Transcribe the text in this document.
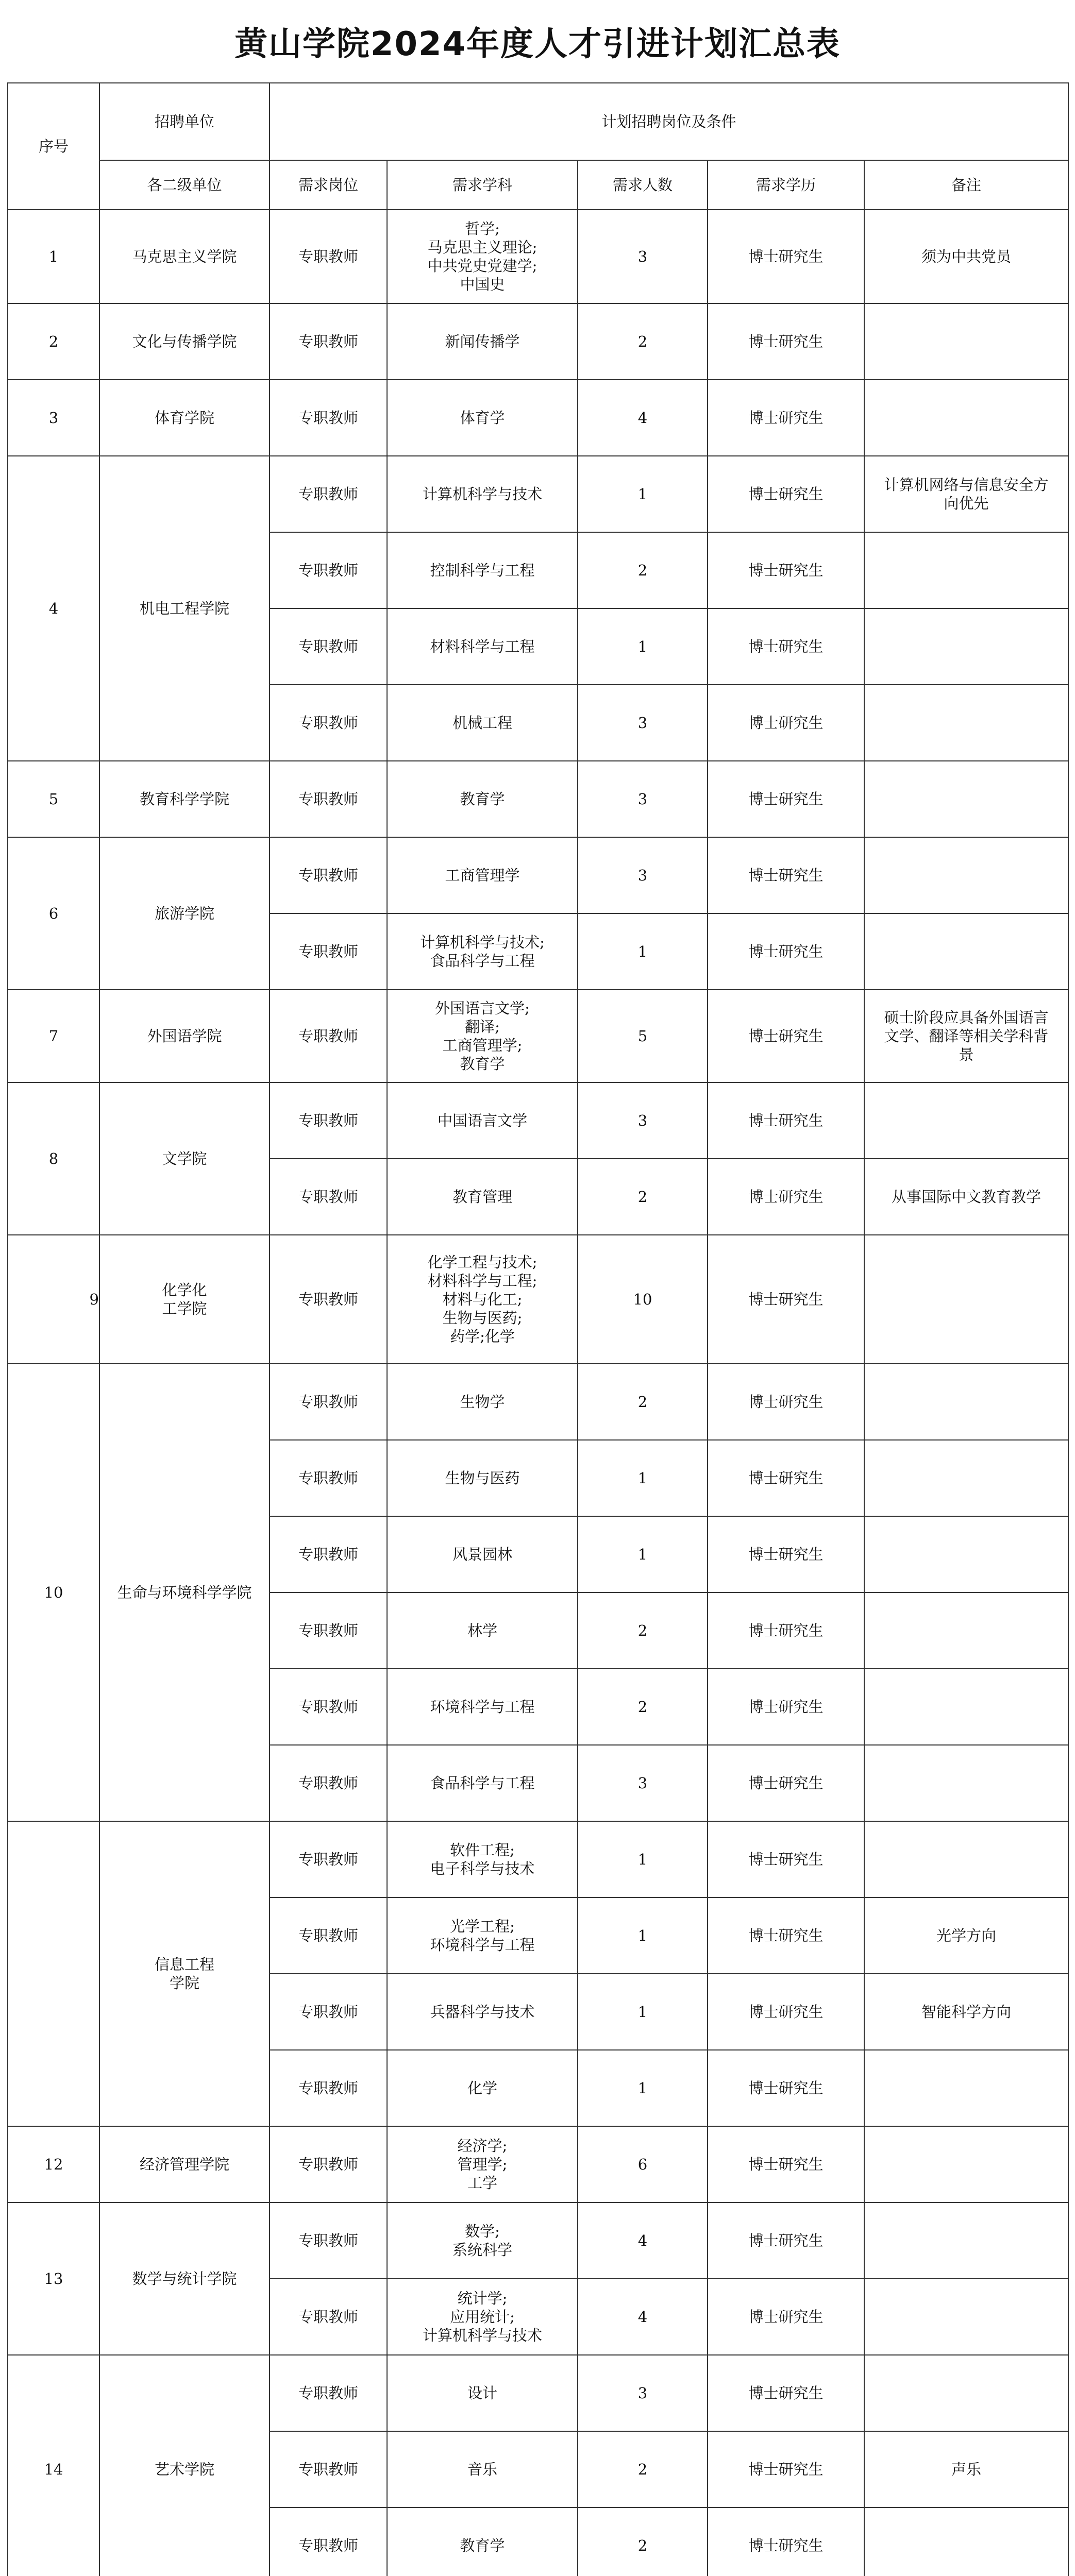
黄山学院2024年度人才引进计划汇总表
序号	招聘单位	计划招聘岗位及条件				
	各二级单位	需求岗位	需求学科	需求人数	需求学历	备注
1	马克思主义学院	专职教师	哲学;
马克思主义理论;
中共党史党建学;
中国史	3	博士研究生	须为中共党员

2	文化与传播学院	专职教师	新闻传播学	2	博士研究生	
3	体育学院	专职教师	体育学	4	博士研究生	
4	机电工程学院	专职教师	计算机科学与技术	1	博士研究生	计算机网络与信息安全方
向优先

		专职教师	控制科学与工程	2	博士研究生	
		专职教师	材料科学与工程	1	博士研究生	
		专职教师	机械工程	3	博士研究生	
5	教育科学学院	专职教师	教育学	3	博士研究生	
6	旅游学院	专职教师	工商管理学	3	博士研究生	
		专职教师	计算机科学与技术;
食品科学与工程	1	博士研究生	
7	外国语学院	专职教师	外国语言文学;
翻译;
工商管理学;
教育学	5	博士研究生	硕士阶段应具备外国语言
文学、翻译等相关学科背
景

8	文学院	专职教师	中国语言文学	3	博士研究生	
		专职教师	教育管理	2	博士研究生	从事国际中文教育教学

9	化学化
工学院	专职教师	化学工程与技术;
材料科学与工程;
材料与化工;
生物与医药;
药学;化学	10	博士研究生	
10	生命与环境科学学院	专职教师	生物学	2	博士研究生	
		专职教师	生物与医药	1	博士研究生	
		专职教师	风景园林	1	博士研究生	
		专职教师	林学	2	博士研究生	
		专职教师	环境科学与工程	2	博士研究生	
		专职教师	食品科学与工程	3	博士研究生	

	信息工程
学院	专职教师	软件工程;
电子科学与技术	1	博士研究生	
		专职教师	光学工程;
环境科学与工程	1	博士研究生	光学方向

		专职教师	兵器科学与技术	1	博士研究生	智能科学方向

		专职教师	化学	1	博士研究生	
12	经济管理学院	专职教师	经济学;
管理学;
工学	6	博士研究生	
13	数学与统计学院	专职教师	数学;
系统科学	4	博士研究生	
		专职教师	统计学;
应用统计;
计算机科学与技术	4	博士研究生	
14	艺术学院	专职教师	设计	3	博士研究生	
		专职教师	音乐	2	博士研究生	声乐

		专职教师	教育学	2	博士研究生	
